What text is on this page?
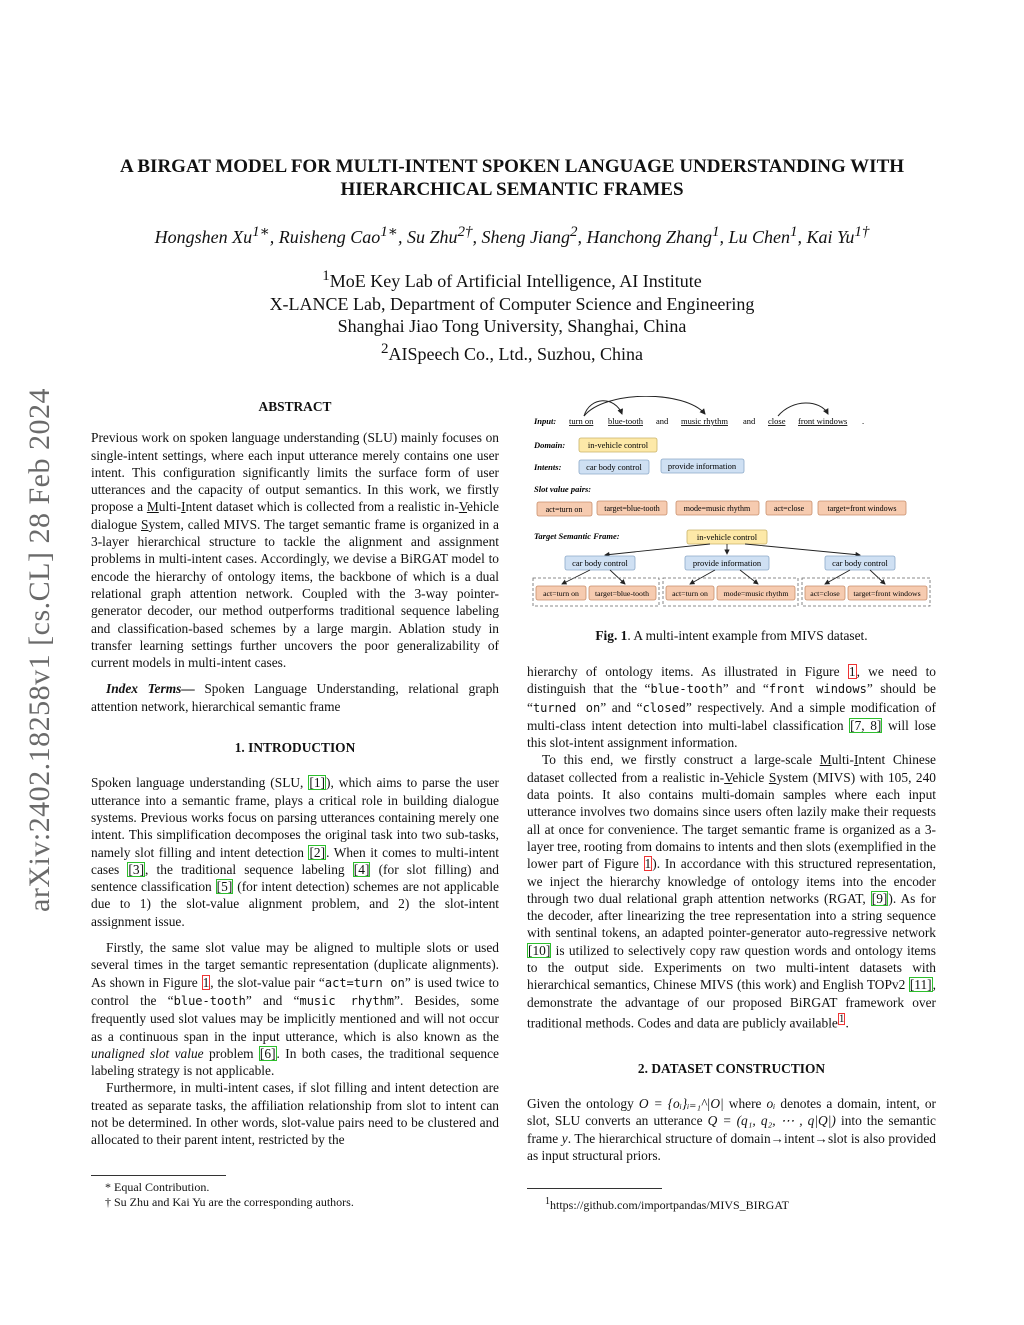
arXiv:2402.18258v1 [cs.CL] 28 Feb 2024
A BIRGAT MODEL FOR MULTI-INTENT SPOKEN LANGUAGE UNDERSTANDING WITH
HIERARCHICAL SEMANTIC FRAMES
Hongshen $Xu^{1∗}$, Ruisheng Cao$^{1∗}$, Su Zhu$^{2\dagger}$, Sheng Jiang$^2$, Hanchong Zhang$^1$, Lu Chen$^1$, Kai $Yu^{1\dagger}$
$^1$MoE Key Lab of Artificial Intelligence, AI Institute
X-LANCE Lab, Department of Computer Science and Engineering
Shanghai Jiao Tong University, Shanghai, China
$^2$AISpeech Co., Ltd., Suzhou, China

ABSTRACT

Previous work on spoken language understanding (SLU) mainly focuses on single-intent settings, where each input utterance merely contains one user intent. This configuration significantly limits the surface form of user utterances and the capacity of output semantics. In this work, we firstly propose a Multi-Intent dataset which is collected from a realistic in-Vehicle dialogue System, called MIVS. The target semantic frame is organized in a 3-layer hierarchical structure to tackle the alignment and assignment problems in multi-intent cases. Accordingly, we devise a BiRGAT model to encode the hierarchy of ontology items, the backbone of which is a dual relational graph attention network. Coupled with the 3-way pointer-generator decoder, our method outperforms traditional sequence labeling and classification-based schemes by a large margin. Ablation study in transfer learning settings further uncovers the poor generalizability of current models in multi-intent cases.

Index Terms— Spoken Language Understanding, relational graph attention network, hierarchical semantic frame

1. INTRODUCTION

Spoken language understanding (SLU, [1]), which aims to parse the user utterance into a semantic frame, plays a critical role in building dialogue systems. Previous works focus on parsing utterances containing merely one intent. This simplification decomposes the original task into two sub-tasks, namely slot filling and intent detection [2]. When it comes to multi-intent cases [3], the traditional sequence labeling [4] (for slot filling) and sentence classification [5] (for intent detection) schemes are not applicable due to 1) the slot-value alignment problem, and 2) the slot-intent assignment issue.

Firstly, the same slot value may be aligned to multiple slots or used several times in the target semantic representation (duplicate alignments). As shown in Figure 1, the slot-value pair “act=turn on” is used twice to control the “blue-tooth” and “music rhythm”. Besides, some frequently used slot values may be implicitly mentioned and will not occur as a continuous span in the input utterance, which is also known as the unaligned slot value problem [6]. In both cases, the traditional sequence labeling strategy is not applicable.

Furthermore, in multi-intent cases, if slot filling and intent detection are treated as separate tasks, the affiliation relationship from slot to intent can not be determined. In other words, slot-value pairs need to be clustered and allocated to their parent intent, restricted by the

* Equal Contribution.
† Su Zhu and Kai Yu are the corresponding authors.
Input: turn on blue-tooth and music rhythm and close front windows .
Domain:	in-vehicle control
Intents:	car body control	provide information
Slot value pairs:
act=turn on	target=blue-tooth	mode=music rhythm	act=close	target=front windows
Target Semantic Frame:	in-vehicle control
car body control	provide information	car body control
act=turn on target=blue-tooth	act=turn on mode=music rhythm	act=close target=front windows
Fig. 1. A multi-intent example from MIVS dataset.

hierarchy of ontology items. As illustrated in Figure 1, we need to distinguish that the “blue-tooth” and “front windows” should be “turned on” and “closed” respectively. And a simple modification of multi-class intent detection into multi-label classification [7, 8] will lose this slot-intent assignment information.

To this end, we firstly construct a large-scale Multi-Intent Chinese dataset collected from a realistic in-Vehicle System (MIVS) with 105, 240 data points. It also contains multi-domain samples where each input utterance involves two domains since users often lazily make their requests all at once for convenience. The target semantic frame is organized as a 3-layer tree, rooting from domains to intents and then slots (exemplified in the lower part of Figure 1). In accordance with this structured representation, we inject the hierarchy knowledge of ontology items into the encoder through two dual relational graph attention networks (RGAT, [9]). As for the decoder, after linearizing the tree representation into a string sequence with sentinal tokens, an adapted pointer-generator auto-regressive network [10] is utilized to selectively copy raw question words and ontology items to the output side. Experiments on two multi-intent datasets with hierarchical semantics, Chinese MIVS (this work) and English TOPv2 [11], demonstrate the advantage of our proposed BiRGAT framework over traditional methods. Codes and data are publicly available$^1$.

2. DATASET CONSTRUCTION

Given the ontology O = {oᵢ}ᵢ₌₁^|O| where oᵢ denotes a domain, intent, or slot, SLU converts an utterance Q = (q₁, q₂, ⋯ , q|Q|) into the semantic frame y. The hierarchical structure of domain→intent→slot is also provided as input structural priors.

$^1$https://github.com/importpandas/MIVS_BIRGAT
